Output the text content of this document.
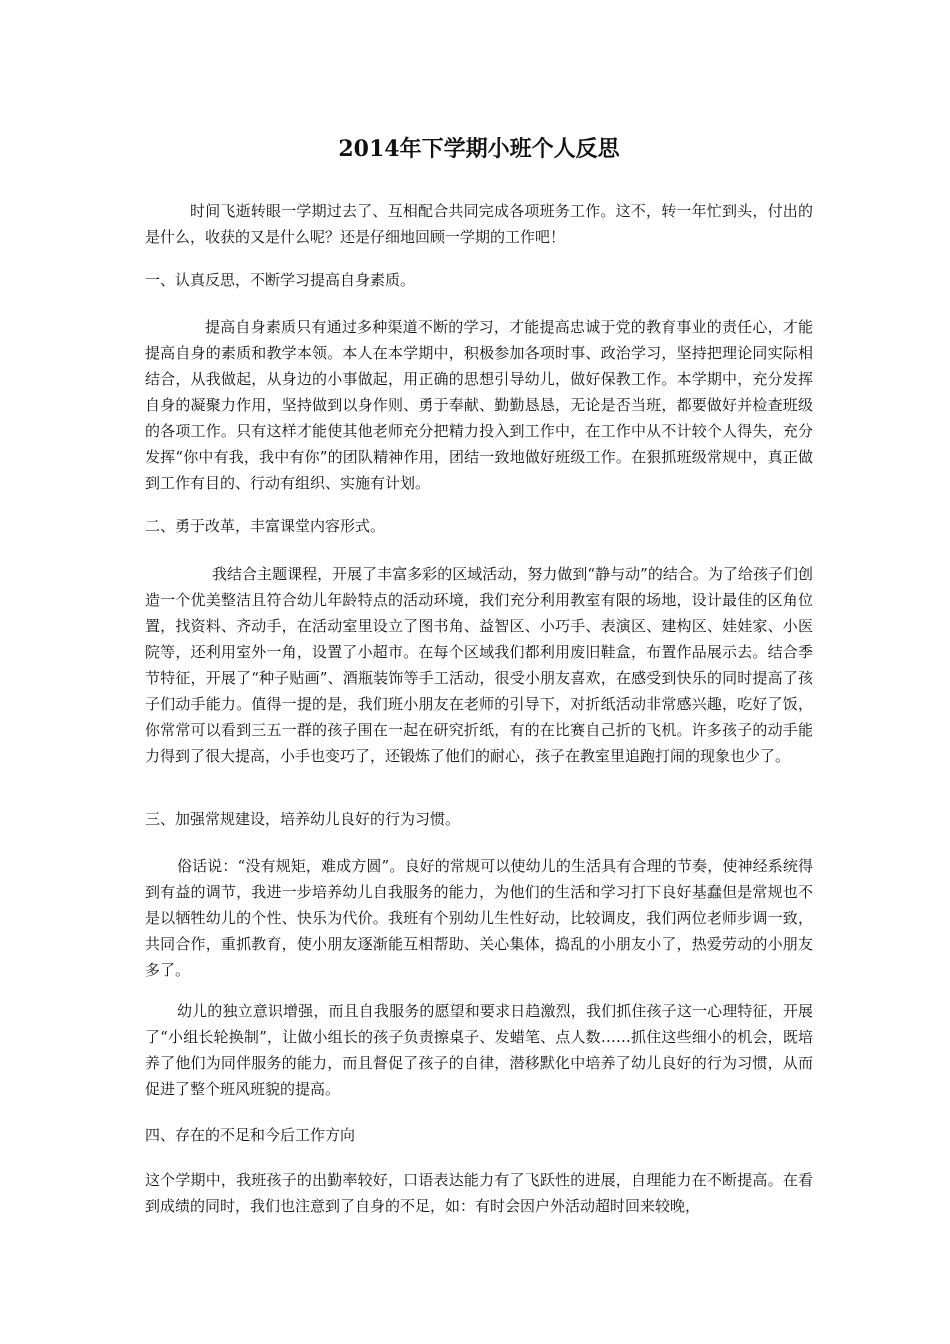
2014年下学期小班个人反思

时间飞逝转眼一学期过去了、互相配合共同完成各项班务工作。这不，转一年忙到头，付出的是什么，收获的又是什么呢？还是仔细地回顾一学期的工作吧！

一、认真反思，不断学习提高自身素质。

提高自身素质只有通过多种渠道不断的学习，才能提高忠诚于党的教育事业的责任心，才能提高自身的素质和教学本领。本人在本学期中，积极参加各项时事、政治学习，坚持把理论同实际相结合，从我做起，从身边的小事做起，用正确的思想引导幼儿，做好保教工作。本学期中，充分发挥自身的凝聚力作用，坚持做到以身作则、勇于奉献、勤勤恳恳，无论是否当班，都要做好并检查班级的各项工作。只有这样才能使其他老师充分把精力投入到工作中，在工作中从不计较个人得失，充分发挥“你中有我，我中有你”的团队精神作用，团结一致地做好班级工作。在狠抓班级常规中，真正做到工作有目的、行动有组织、实施有计划。

二、勇于改革，丰富课堂内容形式。

我结合主题课程，开展了丰富多彩的区域活动，努力做到“静与动”的结合。为了给孩子们创造一个优美整洁且符合幼儿年龄特点的活动环境，我们充分利用教室有限的场地，设计最佳的区角位置，找资料、齐动手，在活动室里设立了图书角、益智区、小巧手、表演区、建构区、娃娃家、小医院等，还利用室外一角，设置了小超市。在每个区域我们都利用废旧鞋盒，布置作品展示去。结合季节特征，开展了“种子贴画”、酒瓶装饰等手工活动，很受小朋友喜欢，在感受到快乐的同时提高了孩子们动手能力。值得一提的是，我们班小朋友在老师的引导下，对折纸活动非常感兴趣，吃好了饭，你常常可以看到三五一群的孩子围在一起在研究折纸，有的在比赛自己折的飞机。许多孩子的动手能力得到了很大提高，小手也变巧了，还锻炼了他们的耐心，孩子在教室里追跑打闹的现象也少了。

三、加强常规建设，培养幼儿良好的行为习惯。

俗话说：“没有规矩，难成方圆”。良好的常规可以使幼儿的生活具有合理的节奏，使神经系统得到有益的调节，我进一步培养幼儿自我服务的能力，为他们的生活和学习打下良好基蠢但是常规也不是以牺牲幼儿的个性、快乐为代价。我班有个别幼儿生性好动，比较调皮，我们两位老师步调一致，共同合作，重抓教育，使小朋友逐渐能互相帮助、关心集体，捣乱的小朋友小了，热爱劳动的小朋友多了。

幼儿的独立意识增强，而且自我服务的愿望和要求日趋激烈，我们抓住孩子这一心理特征，开展了“小组长轮换制”，让做小组长的孩子负责擦桌子、发蜡笔、点人数……抓住这些细小的机会，既培养了他们为同伴服务的能力，而且督促了孩子的自律，潜移默化中培养了幼儿良好的行为习惯，从而促进了整个班风班貌的提高。

四、存在的不足和今后工作方向

这个学期中，我班孩子的出勤率较好，口语表达能力有了飞跃性的进展，自理能力在不断提高。在看到成绩的同时，我们也注意到了自身的不足，如：有时会因户外活动超时回来较晚，
